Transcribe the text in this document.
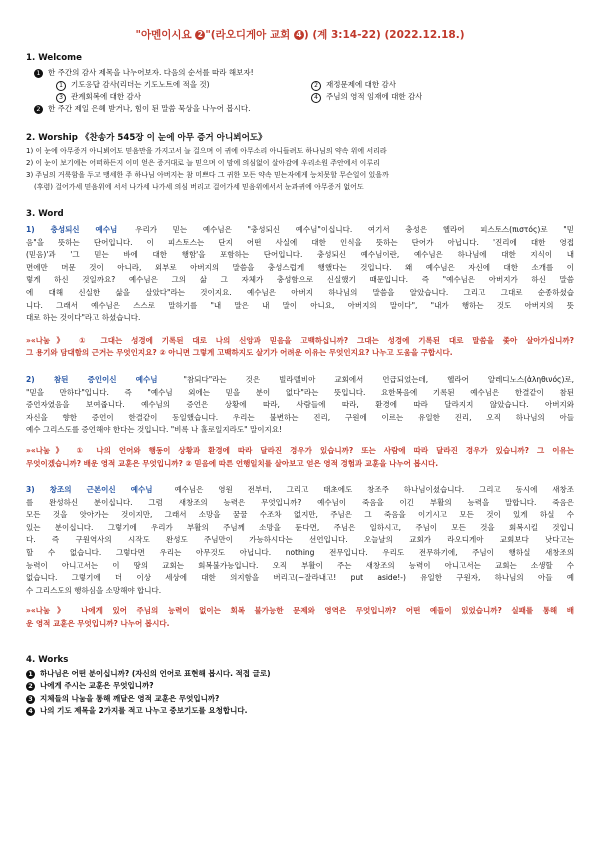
"아멘이시요 2 "(라오디게아 교회 4 ) (계 3:14-22) (2022.12.18.)
1. Welcome
1 한 주간의 감사 제목을 나누어보자. 다음의 순서를 따라 해보자!
1 기도응답 감사(리더는 기도노트에 적을 것)
3 관계회복에 대한 감사
2 재정문제에 대한 감사
4 주님의 영적 임재에 대한 감사
2 한 주간 제일 은혜 받거나, 힘이 된 말씀 묵상을 나누어 봅시다.
2. Worship 《찬송가 545장 이 눈에 아무 증거 아니뵈어도》
1) 이 눈에 아무증거 아니뵈어도 믿음만을 가지고서 늘 걸으며 이 귀에 아무소리 아니들려도 하나님의 약속 위에 서리라
2) 이 눈이 보기에는 어떠하든지 이미 얻은 증거대로 늘 믿으며 이 맘에 의심없이 살아감에 우리소원 주안에서 이루리
3) 주님의 거룩함을 두고 맹세한 주 하나님 아버지는 참 미쁘다 그 귀한 모든 약속 믿는자에게 능치못할 무슨일이 있을까
(후렴) 걸어가세 믿음위에 서서 나가세 나가세 의심 버리고 걸어가세 믿음위에서서 눈과귀에 아무증거 없어도
3. Word
1) 충성되신 예수님 우리가 믿는 예수님은 "충성되신 예수님"이십니다. 여기서 충성은 헬라어 피스토스(πιστός)로 "믿
음"을 뜻하는 단어입니다. 이 피스토스는 단지 어떤 사실에 대한 인식을 뜻하는 단어가 아닙니다. '진리에 대한 영접
(믿음)'과 '그 믿는 바에 대한 행함'을 포함하는 단어입니다. 충성되신 예수님이란, 예수님은 하나님에 대한 지식이 내
면에만 머문 것이 아니라, 외부로 아버지의 말씀을 충성스럽게 행했다는 것입니다. 왜 예수님은 자신에 대한 소개를 이
렇게 하신 것일까요? 예수님은 그의 삶 그 자체가 충성함으로 신실했기 때문입니다. 즉 "예수님은 아버지가 하신 말씀
에 대해 신실한 삶을 살았다"라는 것이지요. 예수님은 아버지 하나님의 말씀을 알았습니다. 그리고 그대로 순종하셨습
니다. 그래서 예수님은 스스로 말하기를 "내 말은 내 말이 아니요, 아버지의 말이다", "내가 행하는 것도 아버지의 뜻
대로 하는 것이다"라고 하셨습니다.
»«나눔》 ① 그대는 성경에 기록된 대로 나의 신앙과 믿음을 고백하십니까? 그대는 성경에 기록된 대로 말씀을 좇아 살아가십니까?
그 용기와 담대함의 근거는 무엇인지요? ② 아니면 그렇게 고백하지도 살기가 어려운 이유는 무엇인지요? 나누고 도움을 구합시다.
2) 참된 증인이신 예수님	"참되다"라는 것은 빌라델비아 교회에서 언급되었는데, 헬라어 알레디노스(ἀληθινός)로,
"믿을 만하다"입니다. 즉 "예수님 외에는 믿을 분이 없다"라는 뜻입니다. 요한복음에 기록된 예수님은 한결같이 참된
증언자였음을 보여줍니다. 예수님의 증언은 상황에 따라, 사람들에 따라, 환경에 따라 달라지지 않았습니다. 아버지와
자신을 향한 증언이 한결같이 동일했습니다. 우리는 불변하는 진리, 구원에 이르는 유일한 진리, 오직 하나님의 아들
예수 그리스도를 증언해야 한다는 것입니다. "비록 나 홀로일지라도" 말이지요!
»«나눔》 ① 나의 언어와 행동이 상황과 환경에 따라 달라진 경우가 있습니까? 또는 사람에 따라 달라진 경우가 있습니까? 그 이유는
무엇이겠습니까? 배운 영적 교훈은 무엇입니까? ② 믿음에 따른 언행일치를 살아보고 얻은 영적 경험과 교훈을 나누어 봅시다.
3) 창조의 근본이신 예수님	예수님은 영원 전부터, 그리고 태초에도 창조주 하나님이셨습니다. 그리고 동시에 새창조
를 완성하신 분이십니다. 그럼 새창조의 능력은 무엇입니까? 예수님이 죽음을 이긴 부활의 능력을 말합니다. 죽음은
모든 것을 앗아가는 것이지만, 그래서 소망을 꿈꿀 수조차 없지만, 주님은 그 죽음을 이기시고 모든 것이 있게 하실 수
있는 분이십니다. 그렇기에 우리가 부활의 주님께 소망을 둔다면, 주님은 일하시고, 주님이 모든 것을 회복시킬 것입니
다. 즉 구원역사의 시작도 완성도 주님만이 가능하시다는 선언입니다. 오늘날의 교회가 라오디게아 교회보다 낫다고는
할 수 없습니다. 그렇다면 우리는 아무것도 아닙니다. nothing 전무입니다. 우리도 전무하기에, 주님이 행하실 새창조의
능력이 아니고서는 이 땅의 교회는 회복불가능입니다. 오직 부활이 주는 새창조의 능력이 아니고서는 교회는 소생할 수
없습니다. 그렇기에 더 이상 세상에 대한 의지함을 버리고(~잘라내고! put aside!-) 유일한 구원자, 하나님의 아들 예
수 그리스도의 행하심을 소망해야 합니다.
»«나눔》 나에게 있어 주님의 능력이 없이는 회복 불가능한 문제와 영역은 무엇입니까? 어떤 예들이 있었습니까? 실패를 통해 배
운 영적 교훈은 무엇입니까? 나누어 봅시다.
4. Works
1 하나님은 어떤 분이십니까? (자신의 언어로 표현해 봅시다. 적접 글로)
2 나에게 주시는 교훈은 무엇입니까?
3 지체들의 나눔을 통해 깨달은 영적 교훈은 무엇입니까?
4 나의 기도 제목을 2가지를 적고 나누고 중보기도를 요청합니다.
